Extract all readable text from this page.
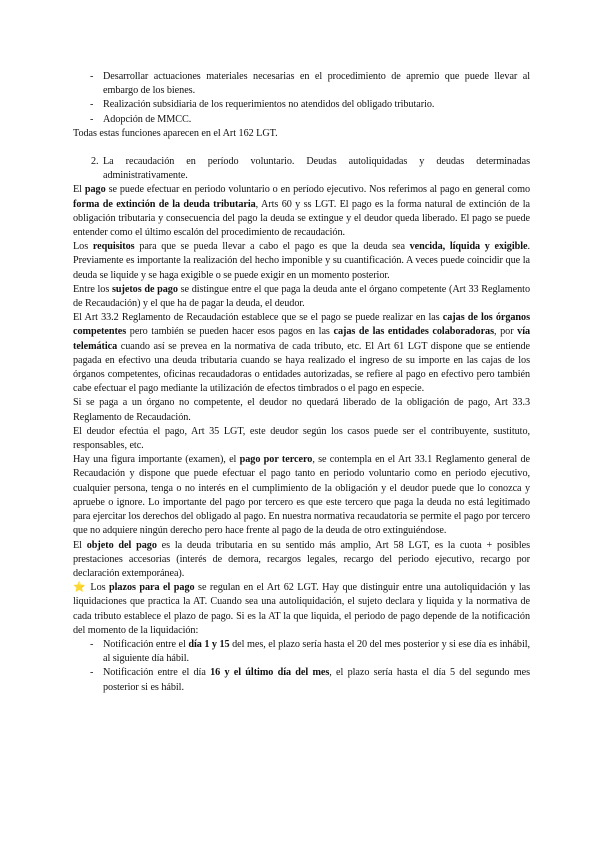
- Desarrollar actuaciones materiales necesarias en el procedimiento de apremio que puede llevar al embargo de los bienes.
- Realización subsidiaria de los requerimientos no atendidos del obligado tributario.
- Adopción de MMCC.

Todas estas funciones aparecen en el Art 162 LGT.

2. La recaudación en período voluntario. Deudas autoliquidadas y deudas determinadas administrativamente.

El pago se puede efectuar en periodo voluntario o en período ejecutivo. Nos referimos al pago en general como forma de extinción de la deuda tributaria, Arts 60 y ss LGT. El pago es la forma natural de extinción de la obligación tributaria y consecuencia del pago la deuda se extingue y el deudor queda liberado. El pago se puede entender como el último escalón del procedimiento de recaudación.

Los requisitos para que se pueda llevar a cabo el pago es que la deuda sea vencida, líquida y exigible. Previamente es importante la realización del hecho imponible y su cuantificación. A veces puede coincidir que la deuda se liquide y se haga exigible o se puede exigir en un momento posterior.

Entre los sujetos de pago se distingue entre el que paga la deuda ante el órgano competente (Art 33 Reglamento de Recaudación) y el que ha de pagar la deuda, el deudor.

El Art 33.2 Reglamento de Recaudación establece que se el pago se puede realizar en las cajas de los órganos competentes pero también se pueden hacer esos pagos en las cajas de las entidades colaboradoras, por vía telemática cuando así se prevea en la normativa de cada tributo, etc. El Art 61 LGT dispone que se entiende pagada en efectivo una deuda tributaria cuando se haya realizado el ingreso de su importe en las cajas de los órganos competentes, oficinas recaudadoras o entidades autorizadas, se refiere al pago en efectivo pero también cabe efectuar el pago mediante la utilización de efectos timbrados o el pago en especie.

Si se paga a un órgano no competente, el deudor no quedará liberado de la obligación de pago, Art 33.3 Reglamento de Recaudación.

El deudor efectúa el pago, Art 35 LGT, este deudor según los casos puede ser el contribuyente, sustituto, responsables, etc.

Hay una figura importante (examen), el pago por tercero, se contempla en el Art 33.1 Reglamento general de Recaudación y dispone que puede efectuar el pago tanto en periodo voluntario como en periodo ejecutivo, cualquier persona, tenga o no interés en el cumplimiento de la obligación y el deudor puede que lo conozca y apruebe o ignore. Lo importante del pago por tercero es que este tercero que paga la deuda no está legitimado para ejercitar los derechos del obligado al pago. En nuestra normativa recaudatoria se permite el pago por tercero que no adquiere ningún derecho pero hace frente al pago de la deuda de otro extinguiéndose.

El objeto del pago es la deuda tributaria en su sentido más amplio, Art 58 LGT, es la cuota + posibles prestaciones accesorias (interés de demora, recargos legales, recargo del periodo ejecutivo, recargo por declaración extemporánea).

⭐ Los plazos para el pago se regulan en el Art 62 LGT. Hay que distinguir entre una autoliquidación y las liquidaciones que practica la AT. Cuando sea una autoliquidación, el sujeto declara y liquida y la normativa de cada tributo establece el plazo de pago. Si es la AT la que liquida, el periodo de pago depende de la notificación del momento de la liquidación:

- Notificación entre el día 1 y 15 del mes, el plazo sería hasta el 20 del mes posterior y si ese día es inhábil, al siguiente día hábil.
- Notificación entre el día 16 y el último día del mes, el plazo sería hasta el día 5 del segundo mes posterior si es hábil.
